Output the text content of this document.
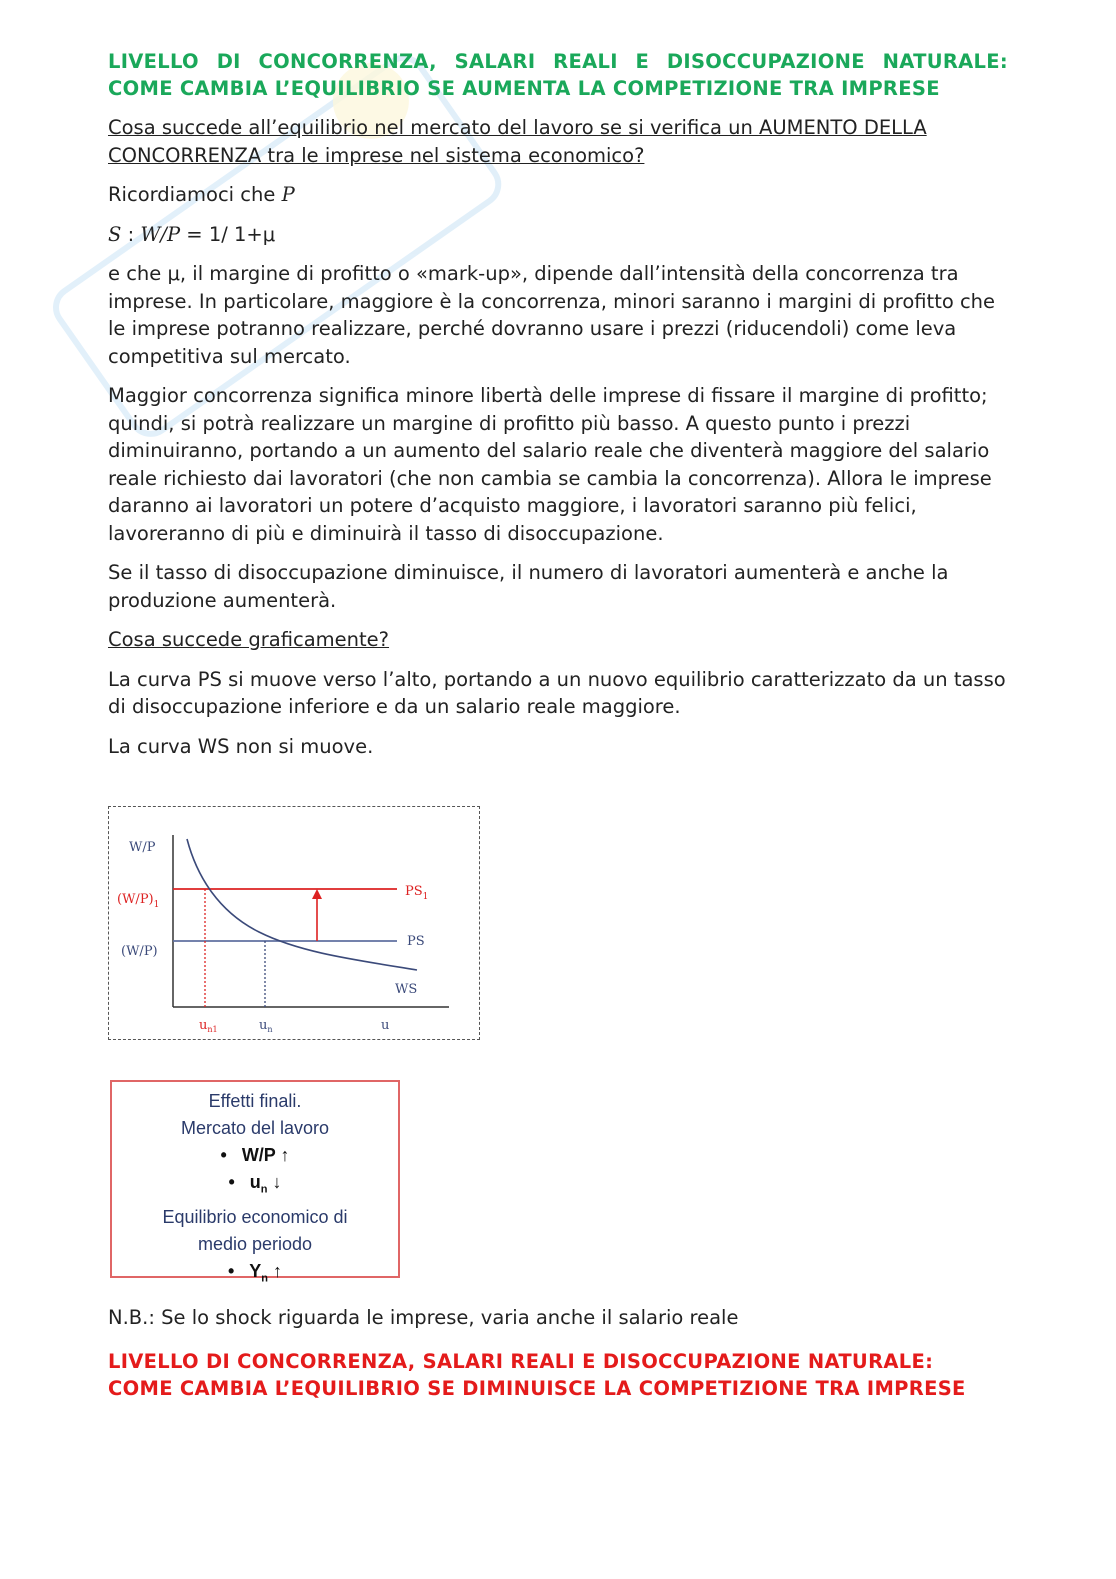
LIVELLO DI CONCORRENZA, SALARI REALI E DISOCCUPAZIONE NATURALE:
COME CAMBIA L’EQUILIBRIO SE AUMENTA LA COMPETIZIONE TRA IMPRESE

Cosa succede all’equilibrio nel mercato del lavoro se si verifica un AUMENTO DELLA CONCORRENZA tra le imprese nel sistema economico?

Ricordiamoci che P

S : W/P = 1/ 1+μ

e che μ, il margine di profitto o «mark-up», dipende dall’intensità della concorrenza tra imprese. In particolare, maggiore è la concorrenza, minori saranno i margini di profitto che le imprese potranno realizzare, perché dovranno usare i prezzi (riducendoli) come leva competitiva sul mercato.

Maggior concorrenza significa minore libertà delle imprese di fissare il margine di profitto; quindi, si potrà realizzare un margine di profitto più basso. A questo punto i prezzi diminuiranno, portando a un aumento del salario reale che diventerà maggiore del salario reale richiesto dai lavoratori (che non cambia se cambia la concorrenza). Allora le imprese daranno ai lavoratori un potere d’acquisto maggiore, i lavoratori saranno più felici, lavoreranno di più e diminuirà il tasso di disoccupazione.

Se il tasso di disoccupazione diminuisce, il numero di lavoratori aumenterà e anche la produzione aumenterà.

Cosa succede graficamente?

La curva PS si muove verso l’alto, portando a un nuovo equilibrio caratterizzato da un tasso di disoccupazione inferiore e da un salario reale maggiore.

La curva WS non si muove.

W/P
$(W/P)_1$
(W/P)
$PS_1$
PS
WS
$u_{n1}$	$u_n$	u
Effetti finali.
Mercato del lavoro
• W/P ↑
• $u_n$ ↓
Equilibrio economico di
medio periodo
• $Y_n$ ↑

N.B.: Se lo shock riguarda le imprese, varia anche il salario reale

LIVELLO DI CONCORRENZA, SALARI REALI E DISOCCUPAZIONE NATURALE:
COME CAMBIA L’EQUILIBRIO SE DIMINUISCE LA COMPETIZIONE TRA IMPRESE
